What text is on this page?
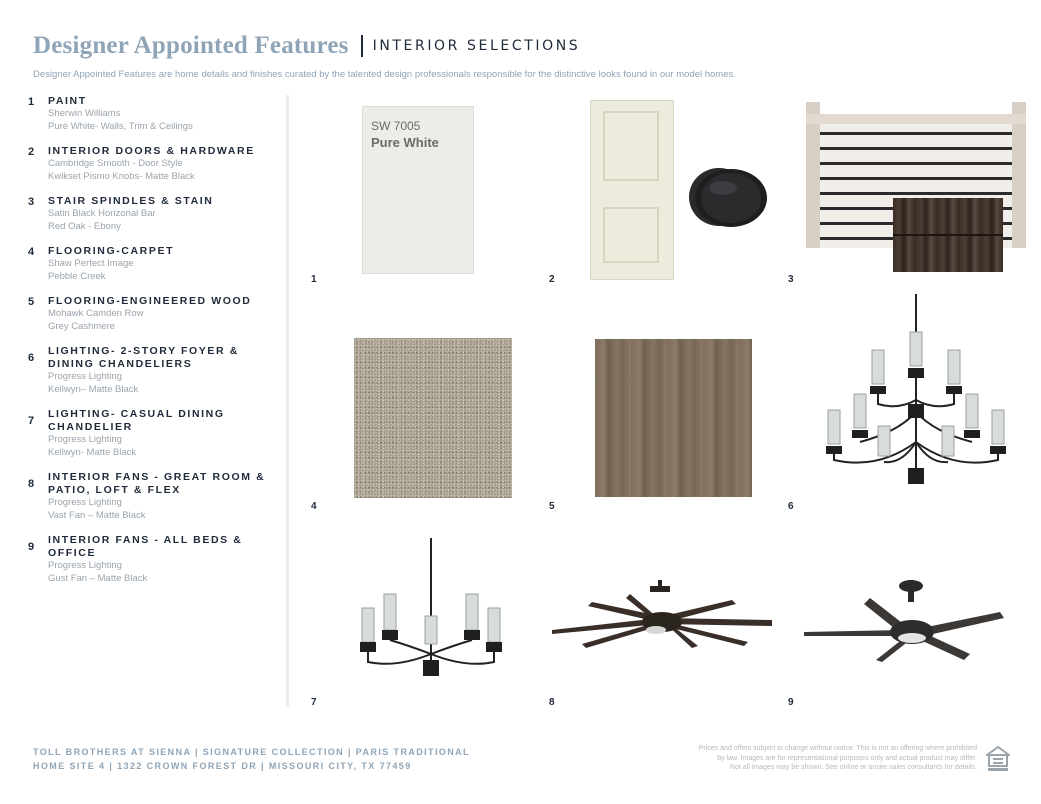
Designer Appointed Features INTERIOR SELECTIONS
Designer Appointed Features are home details and finishes curated by the talented design professionals responsible for the distinctive looks found in our model homes.
1	PAINT
Sherwin Williams
Pure White- Walls, Trim & Ceilings
2	INTERIOR DOORS & HARDWARE
Cambridge Smooth - Door Style
Kwikset Pismo Knobs- Matte Black
3	STAIR SPINDLES & STAIN
Satin Black Horizonal Bar
Red Oak - Ebony
4	FLOORING-CARPET
Shaw Perfect Image
Pebble Creek
5	FLOORING-ENGINEERED WOOD
Mohawk Camden Row
Grey Cashmere
6
LIGHTING- 2-STORY FOYER &
DINING CHANDELIERS
Progress Lighting
Kellwyn– Matte Black
7
LIGHTING- CASUAL DINING
CHANDELIER
Progress Lighting
Kellwyn- Matte Black
8
INTERIOR FANS - GREAT ROOM &
PATIO, LOFT & FLEX
Progress Lighting
Vast Fan – Matte Black
9
INTERIOR FANS - ALL BEDS &
OFFICE
Progress Lighting
Gust Fan – Matte Black
SW 7005
Pure White
1	2	3
4	5	6
7	8	9
TOLL BROTHERS AT SIENNA | SIGNATURE COLLECTION | PARIS TRADITIONAL
HOME SITE 4 | 1322 CROWN FOREST DR | MISSOURI CITY, TX 77459
Prices and offers subject to change without notice. This is not an offering where prohibited
by law. Images are for representational purposes only and actual product may differ.
Not all images may be shown. See online or onsite sales consultants for details.
